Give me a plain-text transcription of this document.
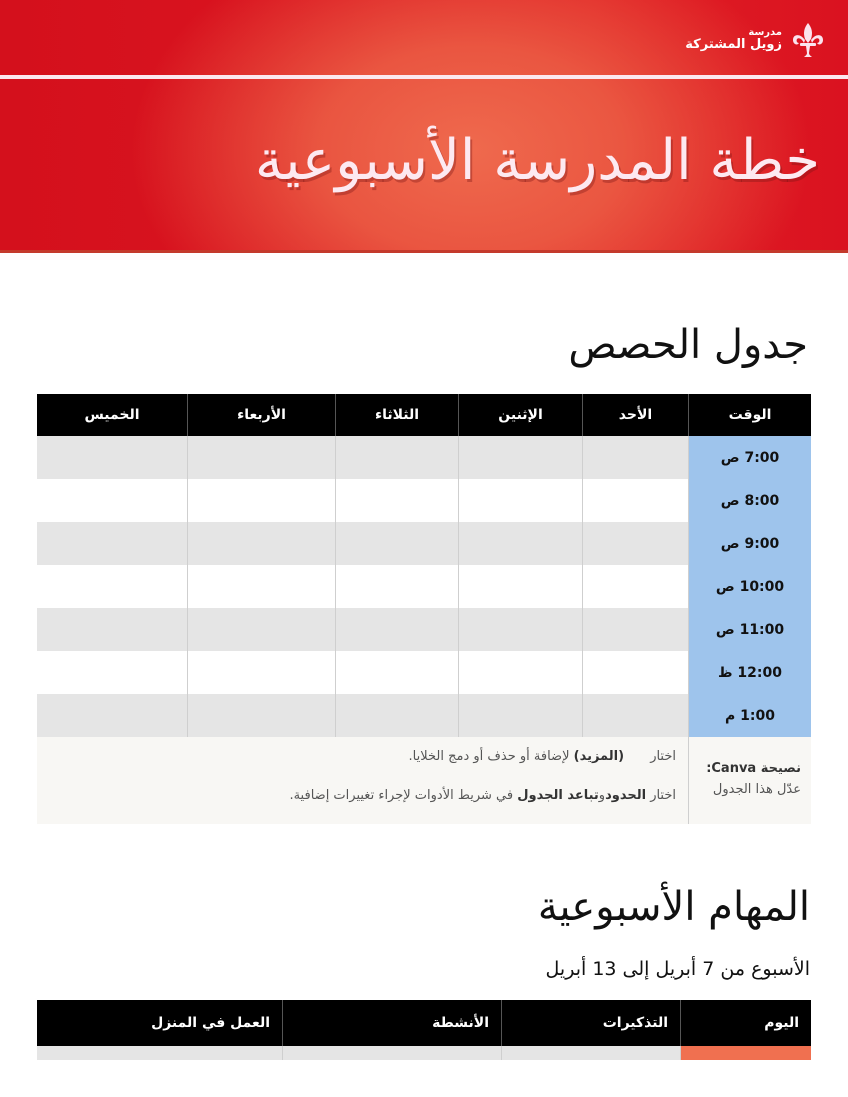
مدرسة
زويل المشتركة
خطة المدرسة الأسبوعية
جدول الحصص
الوقت
الأحد
الإثنين
الثلاثاء
الأربعاء
الخميس
7:00 ص
8:00 ص
9:00 ص
10:00 ص
11:00 ص
12:00 ظ
1:00 م
نصيحة Canva:
عدّل هذا الجدول

اختار (المزيد) لإضافة أو حذف أو دمج الخلايا.

اختار الحدودوتباعد الجدول في شريط الأدوات لإجراء تغييرات إضافية.

المهام الأسبوعية
الأسبوع من 7 أبريل إلى 13 أبريل
اليوم
التذكيرات
الأنشطة
العمل في المنزل
